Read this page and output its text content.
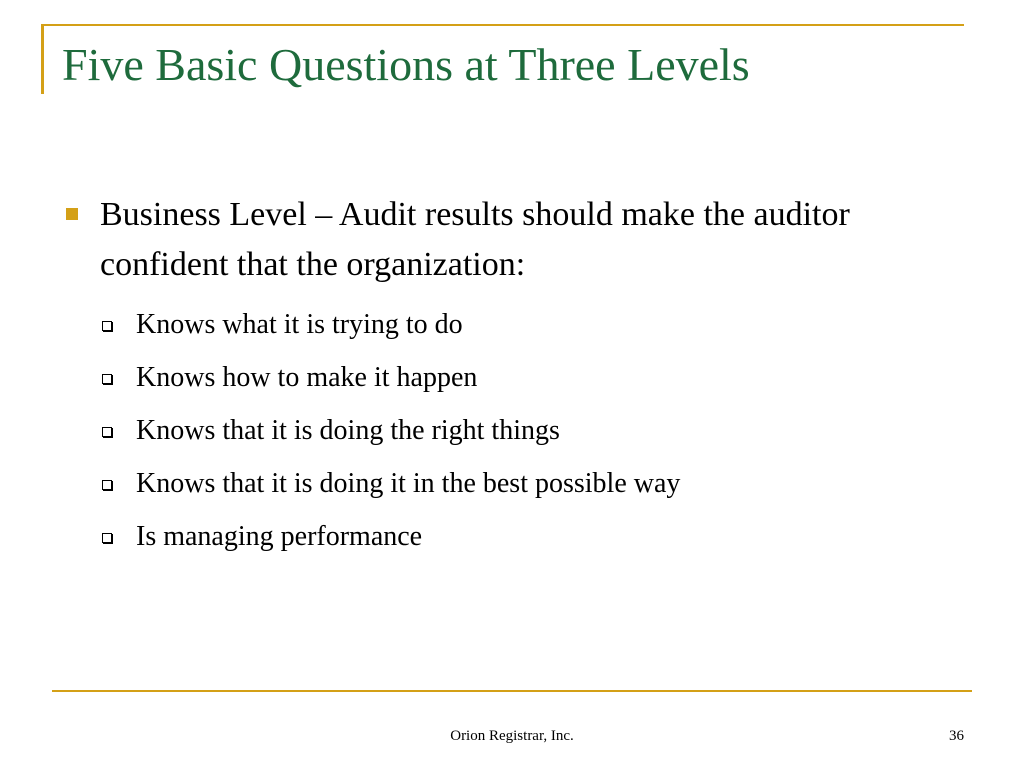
Five Basic Questions at Three Levels
Business Level – Audit results should make the auditor confident that the organization:
Knows what it is trying to do
Knows how to make it happen
Knows that it is doing the right things
Knows that it is doing it in the best possible way
Is managing performance
Orion Registrar, Inc.	36
